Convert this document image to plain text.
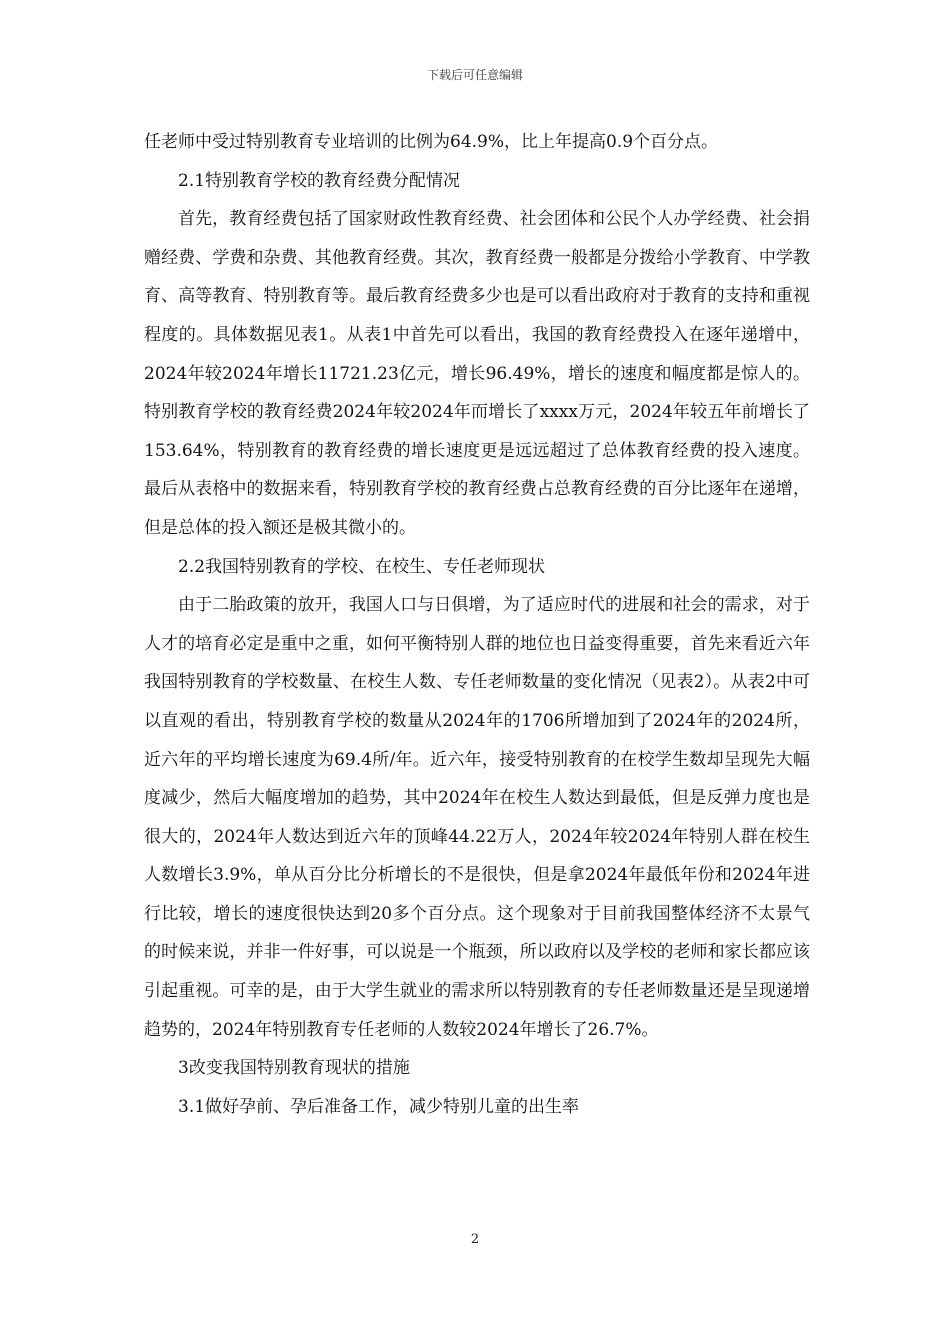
下载后可任意编辑

任老师中受过特别教育专业培训的比例为64.9%，比上年提高0.9个百分点。

2.1特别教育学校的教育经费分配情况

首先，教育经费包括了国家财政性教育经费、社会团体和公民个人办学经费、社会捐赠经费、学费和杂费、其他教育经费。其次，教育经费一般都是分拨给小学教育、中学教育、高等教育、特别教育等。最后教育经费多少也是可以看出政府对于教育的支持和重视程度的。具体数据见表1。从表1中首先可以看出，我国的教育经费投入在逐年递增中，2024年较2024年增长11721.23亿元，增长96.49%，增长的速度和幅度都是惊人的。特别教育学校的教育经费2024年较2024年而增长了xxxx万元，2024年较五年前增长了153.64%，特别教育的教育经费的增长速度更是远远超过了总体教育经费的投入速度。最后从表格中的数据来看，特别教育学校的教育经费占总教育经费的百分比逐年在递增，但是总体的投入额还是极其微小的。

2.2我国特别教育的学校、在校生、专任老师现状

由于二胎政策的放开，我国人口与日俱增，为了适应时代的进展和社会的需求，对于人才的培育必定是重中之重，如何平衡特别人群的地位也日益变得重要，首先来看近六年我国特别教育的学校数量、在校生人数、专任老师数量的变化情况（见表2）。从表2中可以直观的看出，特别教育学校的数量从2024年的1706所增加到了2024年的2024所，近六年的平均增长速度为69.4所/年。近六年，接受特别教育的在校学生数却呈现先大幅度减少，然后大幅度增加的趋势，其中2024年在校生人数达到最低，但是反弹力度也是很大的，2024年人数达到近六年的顶峰44.22万人，2024年较2024年特别人群在校生人数增长3.9%，单从百分比分析增长的不是很快，但是拿2024年最低年份和2024年进行比较，增长的速度很快达到20多个百分点。这个现象对于目前我国整体经济不太景气的时候来说，并非一件好事，可以说是一个瓶颈，所以政府以及学校的老师和家长都应该引起重视。可幸的是，由于大学生就业的需求所以特别教育的专任老师数量还是呈现递增趋势的，2024年特别教育专任老师的人数较2024年增长了26.7%。

3改变我国特别教育现状的措施

3.1做好孕前、孕后准备工作，减少特别儿童的出生率

2
